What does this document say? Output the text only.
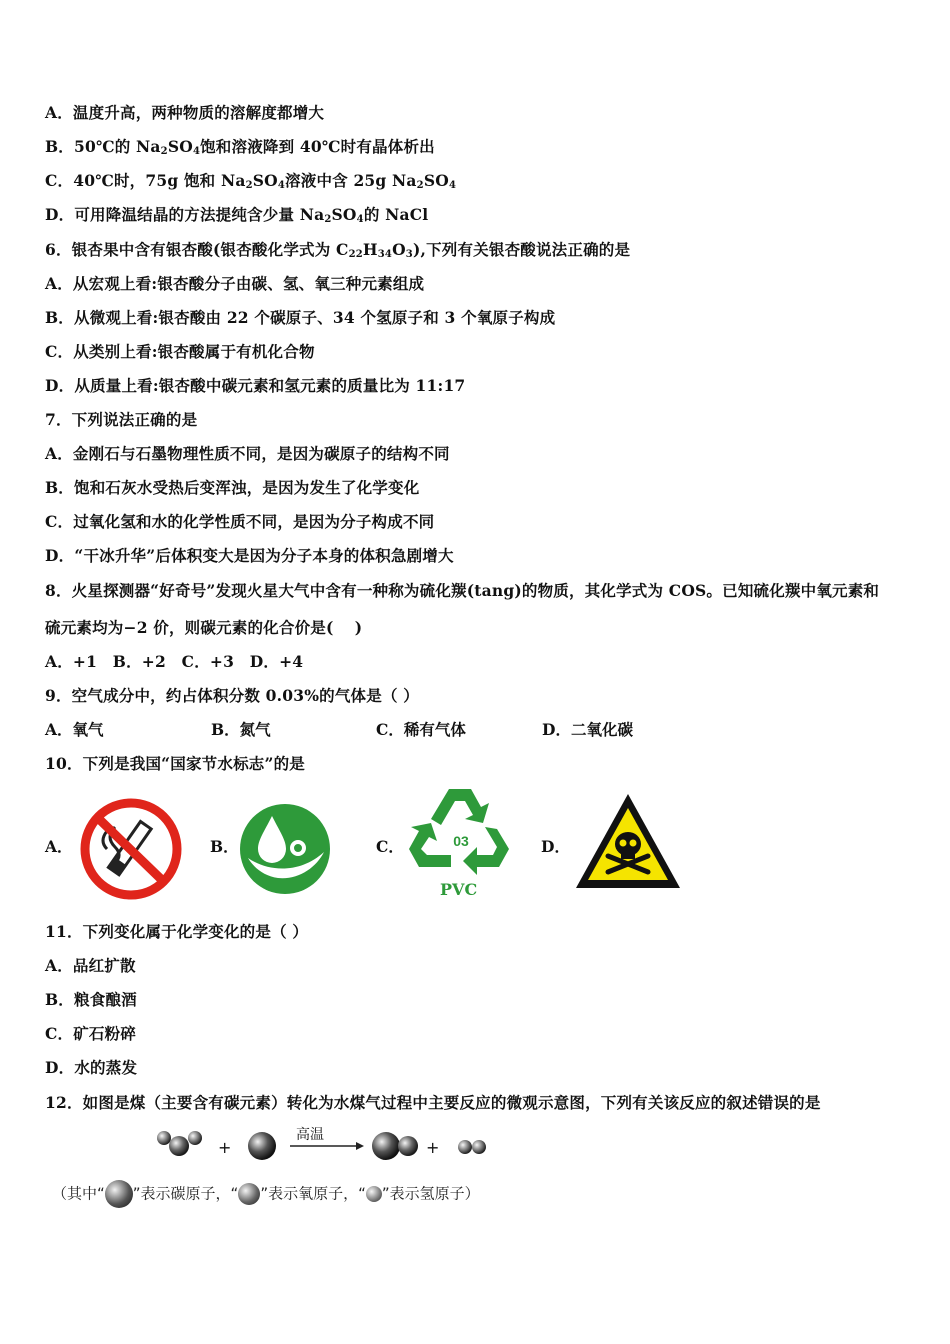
A．温度升高，两种物质的溶解度都增大
B．50℃的 $Na_2SO_4$饱和溶液降到 40℃时有晶体析出
C．40℃时，75g 饱和 $Na_2SO_4$溶液中含 25g $Na_2SO_4$
D．可用降温结晶的方法提纯含少量 $Na_2SO_4$的 NaCl
6．银杏果中含有银杏酸(银杏酸化学式为 $C_{22}H_{34}O_3$),下列有关银杏酸说法正确的是
A．从宏观上看:银杏酸分子由碳、氢、氧三种元素组成
B．从微观上看:银杏酸由 22 个碳原子、34 个氢原子和 3 个氧原子构成
C．从类别上看:银杏酸属于有机化合物
D．从质量上看:银杏酸中碳元素和氢元素的质量比为 11:17
7．下列说法正确的是
A．金刚石与石墨物理性质不同，是因为碳原子的结构不同
B．饱和石灰水受热后变浑浊，是因为发生了化学变化
C．过氧化氢和水的化学性质不同，是因为分子构成不同
D．“干冰升华”后体积变大是因为分子本身的体积急剧增大
8．火星探测器“好奇号”发现火星大气中含有一种称为硫化羰(tang)的物质，其化学式为 COS。已知硫化羰中氧元素和
硫元素均为−2 价，则碳元素的化合价是(　 )
A．+1　B．+2　C．+3　D．+4
9．空气成分中，约占体积分数 0.03%的气体是（ ）
A．氧气	B．氮气	C．稀有气体	D．二氧化碳
10．下列是我国“国家节水标志”的是
A．	B．	C．	03
PVC
D．
11．下列变化属于化学变化的是（ ）
A．品红扩散
B．粮食酿酒
C．矿石粉碎
D．水的蒸发
12．如图是煤（主要含有碳元素）转化为水煤气过程中主要反应的微观示意图，下列有关该反应的叙述错误的是
+
高温
+
（其中“ ”表示碳原子，“ ”表示氧原子，“ ”表示氢原子）
